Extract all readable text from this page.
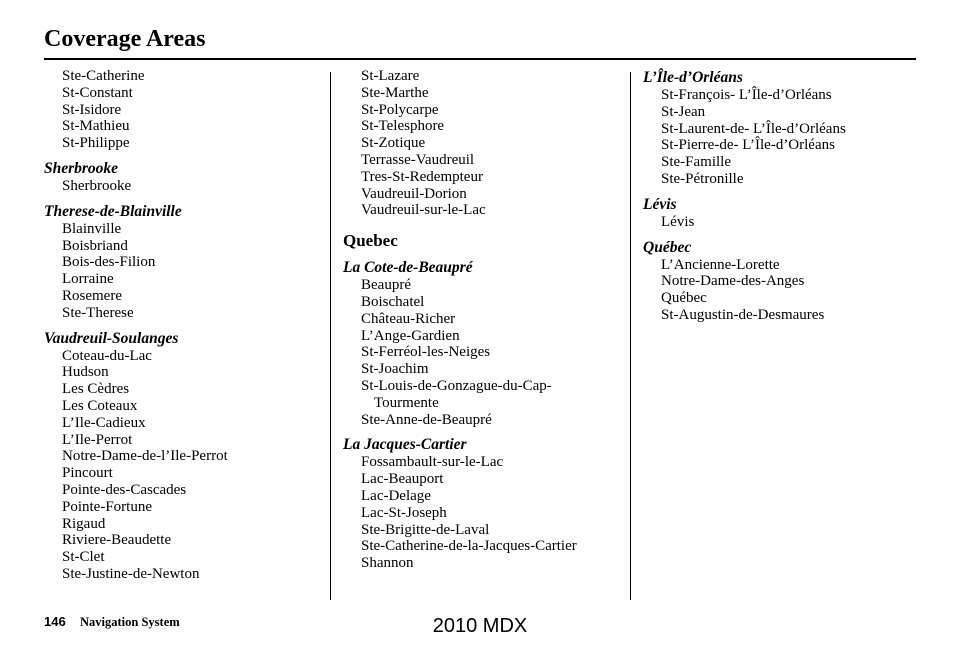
Coverage Areas
Ste-Catherine
St-Constant
St-Isidore
St-Mathieu
St-Philippe
Sherbrooke
Sherbrooke
Therese-de-Blainville
Blainville
Boisbriand
Bois-des-Filion
Lorraine
Rosemere
Ste-Therese
Vaudreuil-Soulanges
Coteau-du-Lac
Hudson
Les Cèdres
Les Coteaux
L’Ile-Cadieux
L’Ile-Perrot
Notre-Dame-de-l’Ile-Perrot
Pincourt
Pointe-des-Cascades
Pointe-Fortune
Rigaud
Riviere-Beaudette
St-Clet
Ste-Justine-de-Newton
St-Lazare
Ste-Marthe
St-Polycarpe
St-Telesphore
St-Zotique
Terrasse-Vaudreuil
Tres-St-Redempteur
Vaudreuil-Dorion
Vaudreuil-sur-le-Lac
Quebec
La Cote-de-Beaupré
Beaupré
Boischatel
Château-Richer
L’Ange-Gardien
St-Ferréol-les-Neiges
St-Joachim
St-Louis-de-Gonzague-du-Cap-
Tourmente
Ste-Anne-de-Beaupré
La Jacques-Cartier
Fossambault-sur-le-Lac
Lac-Beauport
Lac-Delage
Lac-St-Joseph
Ste-Brigitte-de-Laval
Ste-Catherine-de-la-Jacques-Cartier
Shannon
L’Île-d’Orléans
St-François- L’Île-d’Orléans
St-Jean
St-Laurent-de- L’Île-d’Orléans
St-Pierre-de- L’Île-d’Orléans
Ste-Famille
Ste-Pétronille
Lévis
Lévis
Québec
L’Ancienne-Lorette
Notre-Dame-des-Anges
Québec
St-Augustin-de-Desmaures
146 Navigation System	2010 MDX
